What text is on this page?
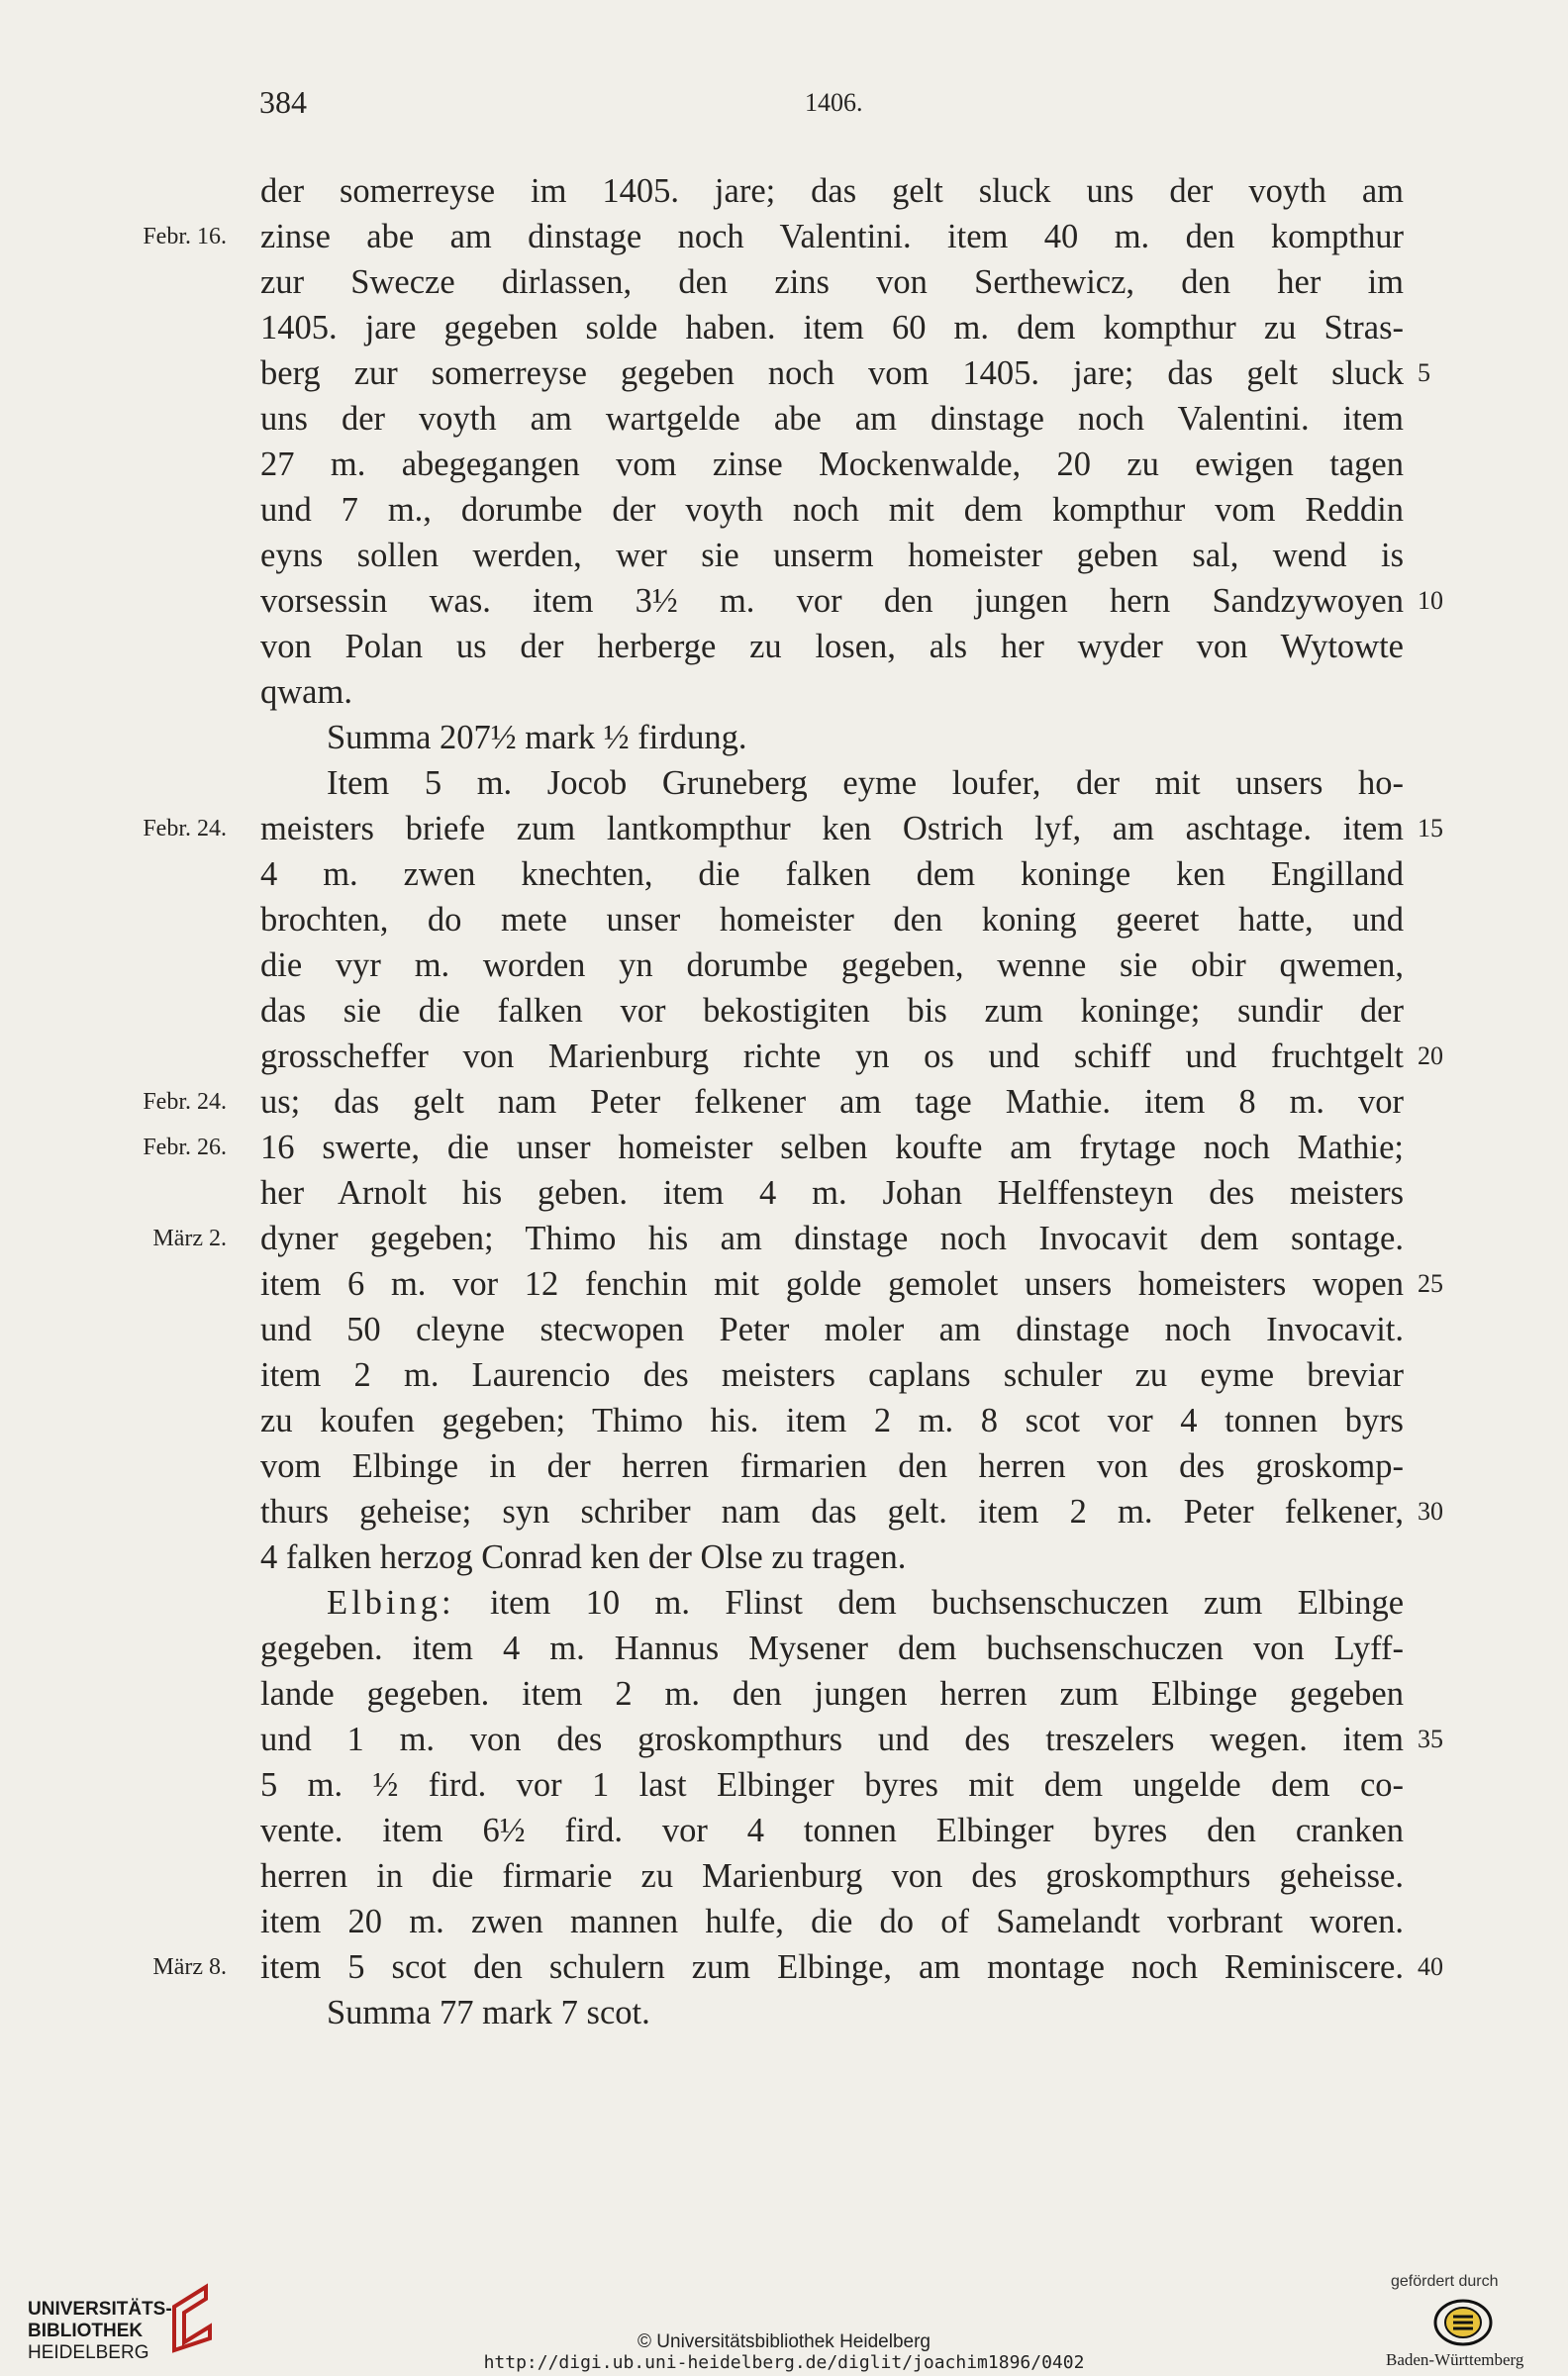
384	1406.
der somerreyse im 1405. jare; das gelt sluck uns der voyth am
zinse abe am dinstage noch Valentini. item 40 m. den kompthur
zur Swecze dirlassen, den zins von Serthewicz, den her im
1405. jare gegeben solde haben. item 60 m. dem kompthur zu Stras-
berg zur somerreyse gegeben noch vom 1405. jare; das gelt sluck
uns der voyth am wartgelde abe am dinstage noch Valentini. item
27 m. abegegangen vom zinse Mockenwalde, 20 zu ewigen tagen
und 7 m., dorumbe der voyth noch mit dem kompthur vom Reddin
eyns sollen werden, wer sie unserm homeister geben sal, wend is
vorsessin was. item 3½ m. vor den jungen hern Sandzywoyen
von Polan us der herberge zu losen, als her wyder von Wytowte
qwam.
Summa 207½ mark ½ firdung.
Item 5 m. Jocob Gruneberg eyme loufer, der mit unsers ho-
meisters briefe zum lantkompthur ken Ostrich lyf, am aschtage. item
4 m. zwen knechten, die falken dem koninge ken Engilland
brochten, do mete unser homeister den koning geeret hatte, und
die vyr m. worden yn dorumbe gegeben, wenne sie obir qwemen,
das sie die falken vor bekostigiten bis zum koninge; sundir der
grosscheffer von Marienburg richte yn os und schiff und fruchtgelt
us; das gelt nam Peter felkener am tage Mathie. item 8 m. vor
16 swerte, die unser homeister selben koufte am frytage noch Mathie;
her Arnolt his geben. item 4 m. Johan Helffensteyn des meisters
dyner gegeben; Thimo his am dinstage noch Invocavit dem sontage.
item 6 m. vor 12 fenchin mit golde gemolet unsers homeisters wopen
und 50 cleyne stecwopen Peter moler am dinstage noch Invocavit.
item 2 m. Laurencio des meisters caplans schuler zu eyme breviar
zu koufen gegeben; Thimo his. item 2 m. 8 scot vor 4 tonnen byrs
vom Elbinge in der herren firmarien den herren von des groskomp-
thurs geheise; syn schriber nam das gelt. item 2 m. Peter felkener,
4 falken herzog Conrad ken der Olse zu tragen.
Elbing: item 10 m. Flinst dem buchsenschuczen zum Elbinge
gegeben. item 4 m. Hannus Mysener dem buchsenschuczen von Lyff-
lande gegeben. item 2 m. den jungen herren zum Elbinge gegeben
und 1 m. von des groskompthurs und des treszelers wegen. item
5 m. ½ fird. vor 1 last Elbinger byres mit dem ungelde dem co-
vente. item 6½ fird. vor 4 tonnen Elbinger byres den cranken
herren in die firmarie zu Marienburg von des groskompthurs geheisse.
item 20 m. zwen mannen hulfe, die do of Samelandt vorbrant woren.
item 5 scot den schulern zum Elbinge, am montage noch Reminiscere.
Summa 77 mark 7 scot.
Febr. 16.
Febr. 24.
Febr. 24.
Febr. 26.
März 2.
März 8.
5
10
15
20
25
30
35
40
UNIVERSITÄTS-
BIBLIOTHEK
HEIDELBERG
© Universitätsbibliothek Heidelberg
http://digi.ub.uni-heidelberg.de/diglit/joachim1896/0402
gefördert durch
Baden-Württemberg
